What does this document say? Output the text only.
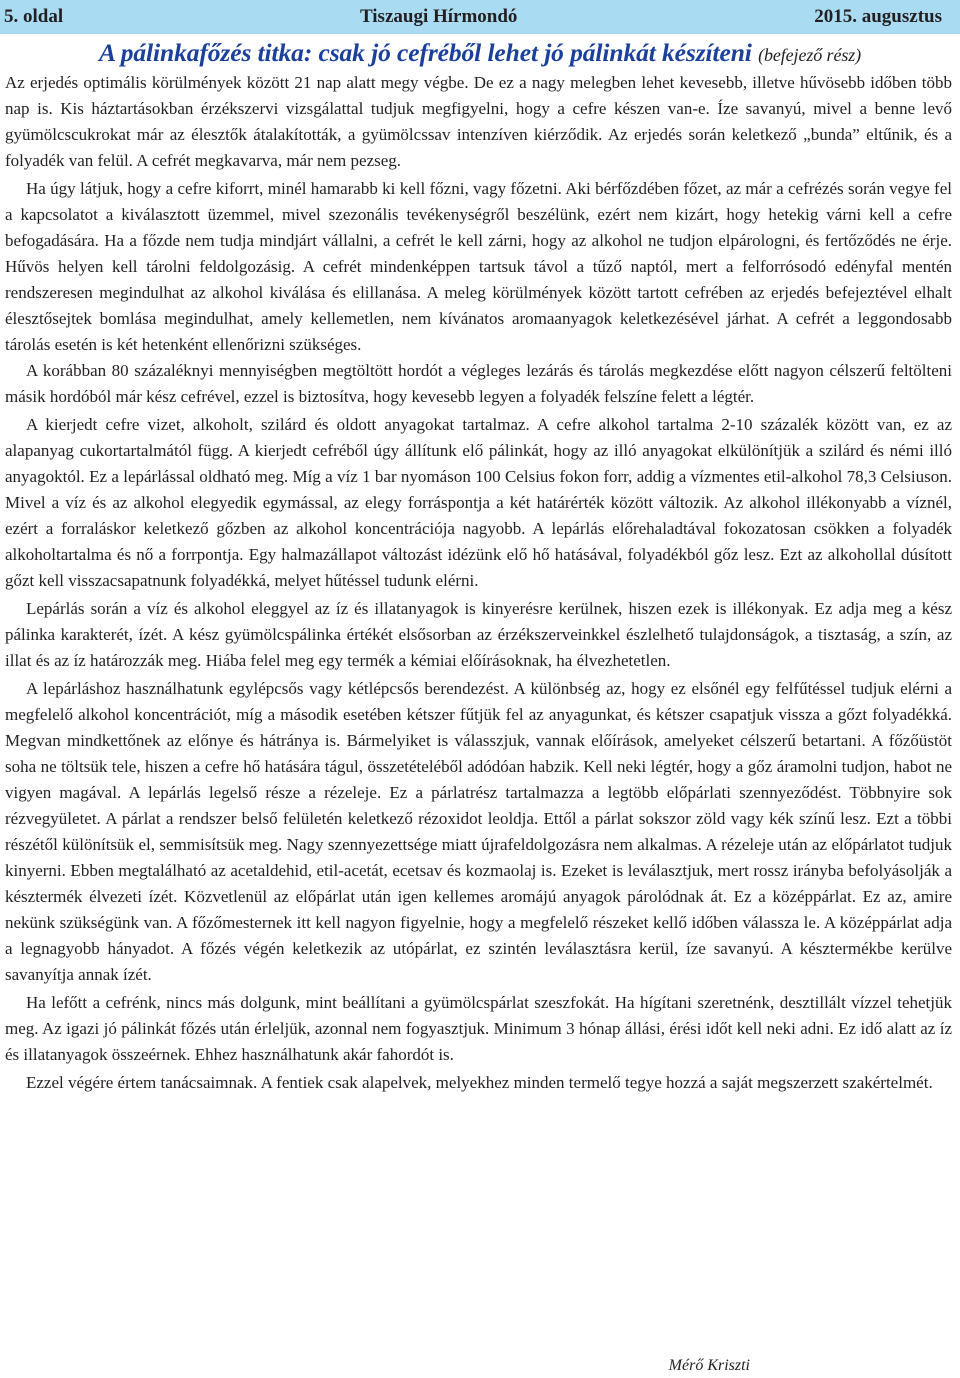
5. oldal	Tiszaugi Hírmondó	2015. augusztus
A pálinkafőzés titka: csak jó cefréből lehet jó pálinkát készíteni (befejező rész)

Az erjedés optimális körülmények között 21 nap alatt megy végbe. De ez a nagy melegben lehet kevesebb, illetve hűvösebb időben több nap is. Kis háztartásokban érzékszervi vizsgálattal tudjuk megfigyelni, hogy a cefre készen van-e. Íze savanyú, mivel a benne levő gyümölcscukrokat már az élesztők átalakították, a gyümölcssav intenzíven kiérződik. Az erjedés során keletkező „bunda” eltűnik, és a folyadék van felül. A cefrét megkavarva, már nem pezseg.

Ha úgy látjuk, hogy a cefre kiforrt, minél hamarabb ki kell főzni, vagy főzetni. Aki bérfőzdében főzet, az már a cefrézés során vegye fel a kapcsolatot a kiválasztott üzemmel, mivel szezonális tevékenységről beszélünk, ezért nem kizárt, hogy hetekig várni kell a cefre befogadására. Ha a főzde nem tudja mindjárt vállalni, a cefrét le kell zárni, hogy az alkohol ne tudjon elpárologni, és fertőződés ne érje. Hűvös helyen kell tárolni feldolgozásig. A cefrét mindenképpen tartsuk távol a tűző naptól, mert a felforrósodó edényfal mentén rendszeresen megindulhat az alkohol kiválása és elillanása. A meleg körülmények között tartott cefrében az erjedés befejeztével elhalt élesztősejtek bomlása megindulhat, amely kellemetlen, nem kívánatos aromaanyagok keletkezésével járhat. A cefrét a leggondosabb tárolás esetén is két hetenként ellenőrizni szükséges.

A korábban 80 százaléknyi mennyiségben megtöltött hordót a végleges lezárás és tárolás megkezdése előtt nagyon célszerű feltölteni másik hordóból már kész cefrével, ezzel is biztosítva, hogy kevesebb legyen a folyadék felszíne felett a légtér.

A kierjedt cefre vizet, alkoholt, szilárd és oldott anyagokat tartalmaz. A cefre alkohol tartalma 2-10 százalék között van, ez az alapanyag cukortartalmától függ. A kierjedt cefréből úgy állítunk elő pálinkát, hogy az illó anyagokat elkülönítjük a szilárd és némi illó anyagoktól. Ez a lepárlással oldható meg. Míg a víz 1 bar nyomáson 100 Celsius fokon forr, addig a vízmentes etil-alkohol 78,3 Celsiuson. Mivel a víz és az alkohol elegyedik egymással, az elegy forráspontja a két határérték között változik. Az alkohol illékonyabb a víznél, ezért a forraláskor keletkező gőzben az alkohol koncentrációja nagyobb. A lepárlás előrehaladtával fokozatosan csökken a folyadék alkoholtartalma és nő a forrpontja. Egy halmazállapot változást idézünk elő hő hatásával, folyadékból gőz lesz. Ezt az alkohollal dúsított gőzt kell visszacsapatnunk folyadékká, melyet hűtéssel tudunk elérni.

Lepárlás során a víz és alkohol eleggyel az íz és illatanyagok is kinyerésre kerülnek, hiszen ezek is illékonyak. Ez adja meg a kész pálinka karakterét, ízét. A kész gyümölcspálinka értékét elsősorban az érzékszerveinkkel észlelhető tulajdonságok, a tisztaság, a szín, az illat és az íz határozzák meg. Hiába felel meg egy termék a kémiai előírásoknak, ha élvezhetetlen.

A lepárláshoz használhatunk egylépcsős vagy kétlépcsős berendezést. A különbség az, hogy ez elsőnél egy felfűtéssel tudjuk elérni a megfelelő alkohol koncentrációt, míg a második esetében kétszer fűtjük fel az anyagunkat, és kétszer csapatjuk vissza a gőzt folyadékká. Megvan mindkettőnek az előnye és hátránya is. Bármelyiket is válasszjuk, vannak előírások, amelyeket célszerű betartani. A főzőüstöt soha ne töltsük tele, hiszen a cefre hő hatására tágul, összetételéből adódóan habzik. Kell neki légtér, hogy a gőz áramolni tudjon, habot ne vigyen magával. A lepárlás legelső része a rézeleje. Ez a párlatrész tartalmazza a legtöbb előpárlati szennyeződést. Többnyire sok rézvegyületet. A párlat a rendszer belső felületén keletkező rézoxidot leoldja. Ettől a párlat sokszor zöld vagy kék színű lesz. Ezt a többi részétől különítsük el, semmisítsük meg. Nagy szennyezettsége miatt újrafeldolgozásra nem alkalmas. A rézeleje után az előpárlatot tudjuk kinyerni. Ebben megtalálható az acetaldehid, etil-acetát, ecetsav és kozmaolaj is. Ezeket is leválasztjuk, mert rossz irányba befolyásolják a késztermék élvezeti ízét. Közvetlenül az előpárlat után igen kellemes aromájú anyagok párolódnak át. Ez a középpárlat. Ez az, amire nekünk szükségünk van. A főzőmesternek itt kell nagyon figyelnie, hogy a megfelelő részeket kellő időben válassza le. A középpárlat adja a legnagyobb hányadot. A főzés végén keletkezik az utópárlat, ez szintén leválasztásra kerül, íze savanyú. A késztermékbe kerülve savanyítja annak ízét.

Ha lefőtt a cefrénk, nincs más dolgunk, mint beállítani a gyümölcspárlat szeszfokát. Ha hígítani szeretnénk, desztillált vízzel tehetjük meg. Az igazi jó pálinkát főzés után érleljük, azonnal nem fogyasztjuk. Minimum 3 hónap állási, érési időt kell neki adni. Ez idő alatt az íz és illatanyagok összeérnek. Ehhez használhatunk akár fahordót is.

Ezzel végére értem tanácsaimnak. A fentiek csak alapelvek, melyekhez minden termelő tegye hozzá a saját megszerzett szakértelmét.

Mérő Kriszti
